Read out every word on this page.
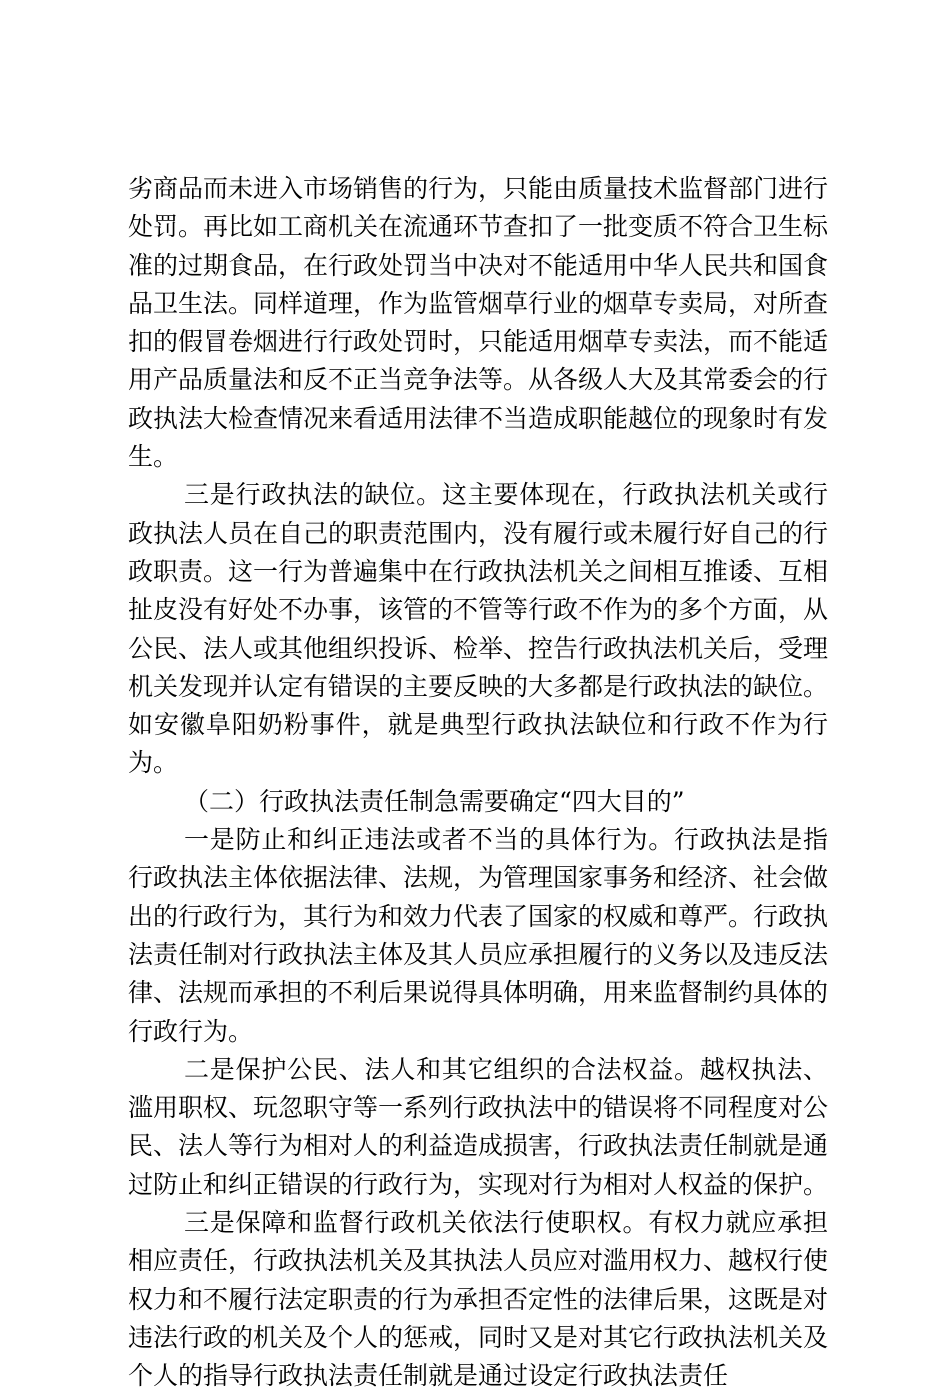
劣商品而未进入市场销售的行为，只能由质量技术监督部门进行处罚。再比如工商机关在流通环节查扣了一批变质不符合卫生标准的过期食品，在行政处罚当中决对不能适用中华人民共和国食品卫生法。同样道理，作为监管烟草行业的烟草专卖局，对所查扣的假冒卷烟进行行政处罚时，只能适用烟草专卖法，而不能适用产品质量法和反不正当竞争法等。从各级人大及其常委会的行政执法大检查情况来看适用法律不当造成职能越位的现象时有发生。

三是行政执法的缺位。这主要体现在，行政执法机关或行政执法人员在自己的职责范围内，没有履行或未履行好自己的行政职责。这一行为普遍集中在行政执法机关之间相互推诿、互相扯皮没有好处不办事，该管的不管等行政不作为的多个方面，从公民、法人或其他组织投诉、检举、控告行政执法机关后，受理机关发现并认定有错误的主要反映的大多都是行政执法的缺位。如安徽阜阳奶粉事件，就是典型行政执法缺位和行政不作为行为。

（二）行政执法责任制急需要确定“四大目的”

一是防止和纠正违法或者不当的具体行为。行政执法是指行政执法主体依据法律、法规，为管理国家事务和经济、社会做出的行政行为，其行为和效力代表了国家的权威和尊严。行政执法责任制对行政执法主体及其人员应承担履行的义务以及违反法律、法规而承担的不利后果说得具体明确，用来监督制约具体的行政行为。

二是保护公民、法人和其它组织的合法权益。越权执法、滥用职权、玩忽职守等一系列行政执法中的错误将不同程度对公民、法人等行为相对人的利益造成损害，行政执法责任制就是通过防止和纠正错误的行政行为，实现对行为相对人权益的保护。

三是保障和监督行政机关依法行使职权。有权力就应承担相应责任，行政执法机关及其执法人员应对滥用权力、越权行使权力和不履行法定职责的行为承担否定性的法律后果，这既是对违法行政的机关及个人的惩戒，同时又是对其它行政执法机关及个人的指导行政执法责任制就是通过设定行政执法责任
